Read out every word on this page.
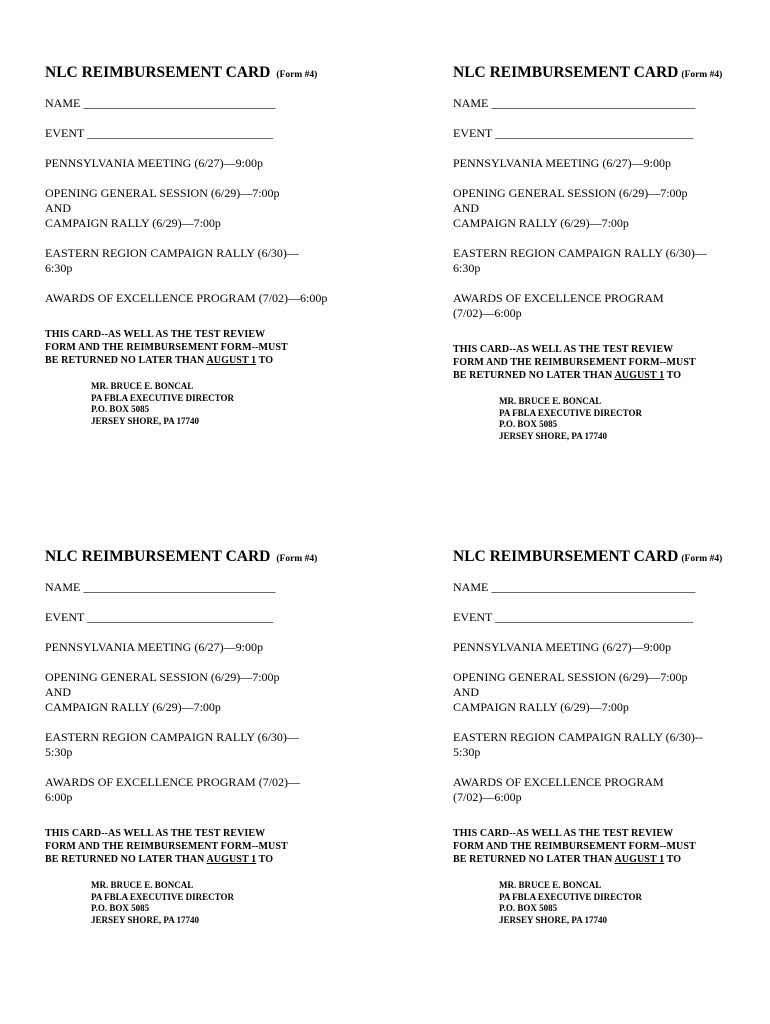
NLC REIMBURSEMENT CARD (Form #4)
NAME ________________________________
EVENT _______________________________
PENNSYLVANIA MEETING (6/27)—9:00p
OPENING GENERAL SESSION (6/29)—7:00p
AND
CAMPAIGN RALLY (6/29)—7:00p
EASTERN REGION CAMPAIGN RALLY (6/30)—
6:30p
AWARDS OF EXCELLENCE PROGRAM (7/02)—6:00p
THIS CARD--AS WELL AS THE TEST REVIEW
FORM AND THE REIMBURSEMENT FORM--MUST
BE RETURNED NO LATER THAN AUGUST 1 TO
MR. BRUCE E. BONCAL
PA FBLA EXECUTIVE DIRECTOR
P.O. BOX 5085
JERSEY SHORE, PA 17740
NLC REIMBURSEMENT CARD (Form #4)
NAME __________________________________
EVENT _________________________________
PENNSYLVANIA MEETING (6/27)—9:00p
OPENING GENERAL SESSION (6/29)—7:00p
AND
CAMPAIGN RALLY (6/29)—7:00p
EASTERN REGION CAMPAIGN RALLY (6/30)—
6:30p
AWARDS OF EXCELLENCE PROGRAM
(7/02)—6:00p
THIS CARD--AS WELL AS THE TEST REVIEW
FORM AND THE REIMBURSEMENT FORM--MUST
BE RETURNED NO LATER THAN AUGUST 1 TO
MR. BRUCE E. BONCAL
PA FBLA EXECUTIVE DIRECTOR
P.O. BOX 5085
JERSEY SHORE, PA 17740
NLC REIMBURSEMENT CARD (Form #4)
NAME ________________________________
EVENT _______________________________
PENNSYLVANIA MEETING (6/27)—9:00p
OPENING GENERAL SESSION (6/29)—7:00p
AND
CAMPAIGN RALLY (6/29)—7:00p
EASTERN REGION CAMPAIGN RALLY (6/30)—
5:30p
AWARDS OF EXCELLENCE PROGRAM (7/02)—
6:00p
THIS CARD--AS WELL AS THE TEST REVIEW
FORM AND THE REIMBURSEMENT FORM--MUST
BE RETURNED NO LATER THAN AUGUST 1 TO
MR. BRUCE E. BONCAL
PA FBLA EXECUTIVE DIRECTOR
P.O. BOX 5085
JERSEY SHORE, PA 17740
NLC REIMBURSEMENT CARD (Form #4)
NAME __________________________________
EVENT _________________________________
PENNSYLVANIA MEETING (6/27)—9:00p
OPENING GENERAL SESSION (6/29)—7:00p
AND
CAMPAIGN RALLY (6/29)—7:00p
EASTERN REGION CAMPAIGN RALLY (6/30)--
5:30p
AWARDS OF EXCELLENCE PROGRAM
(7/02)—6:00p
THIS CARD--AS WELL AS THE TEST REVIEW
FORM AND THE REIMBURSEMENT FORM--MUST
BE RETURNED NO LATER THAN AUGUST 1 TO
MR. BRUCE E. BONCAL
PA FBLA EXECUTIVE DIRECTOR
P.O. BOX 5085
JERSEY SHORE, PA 17740
